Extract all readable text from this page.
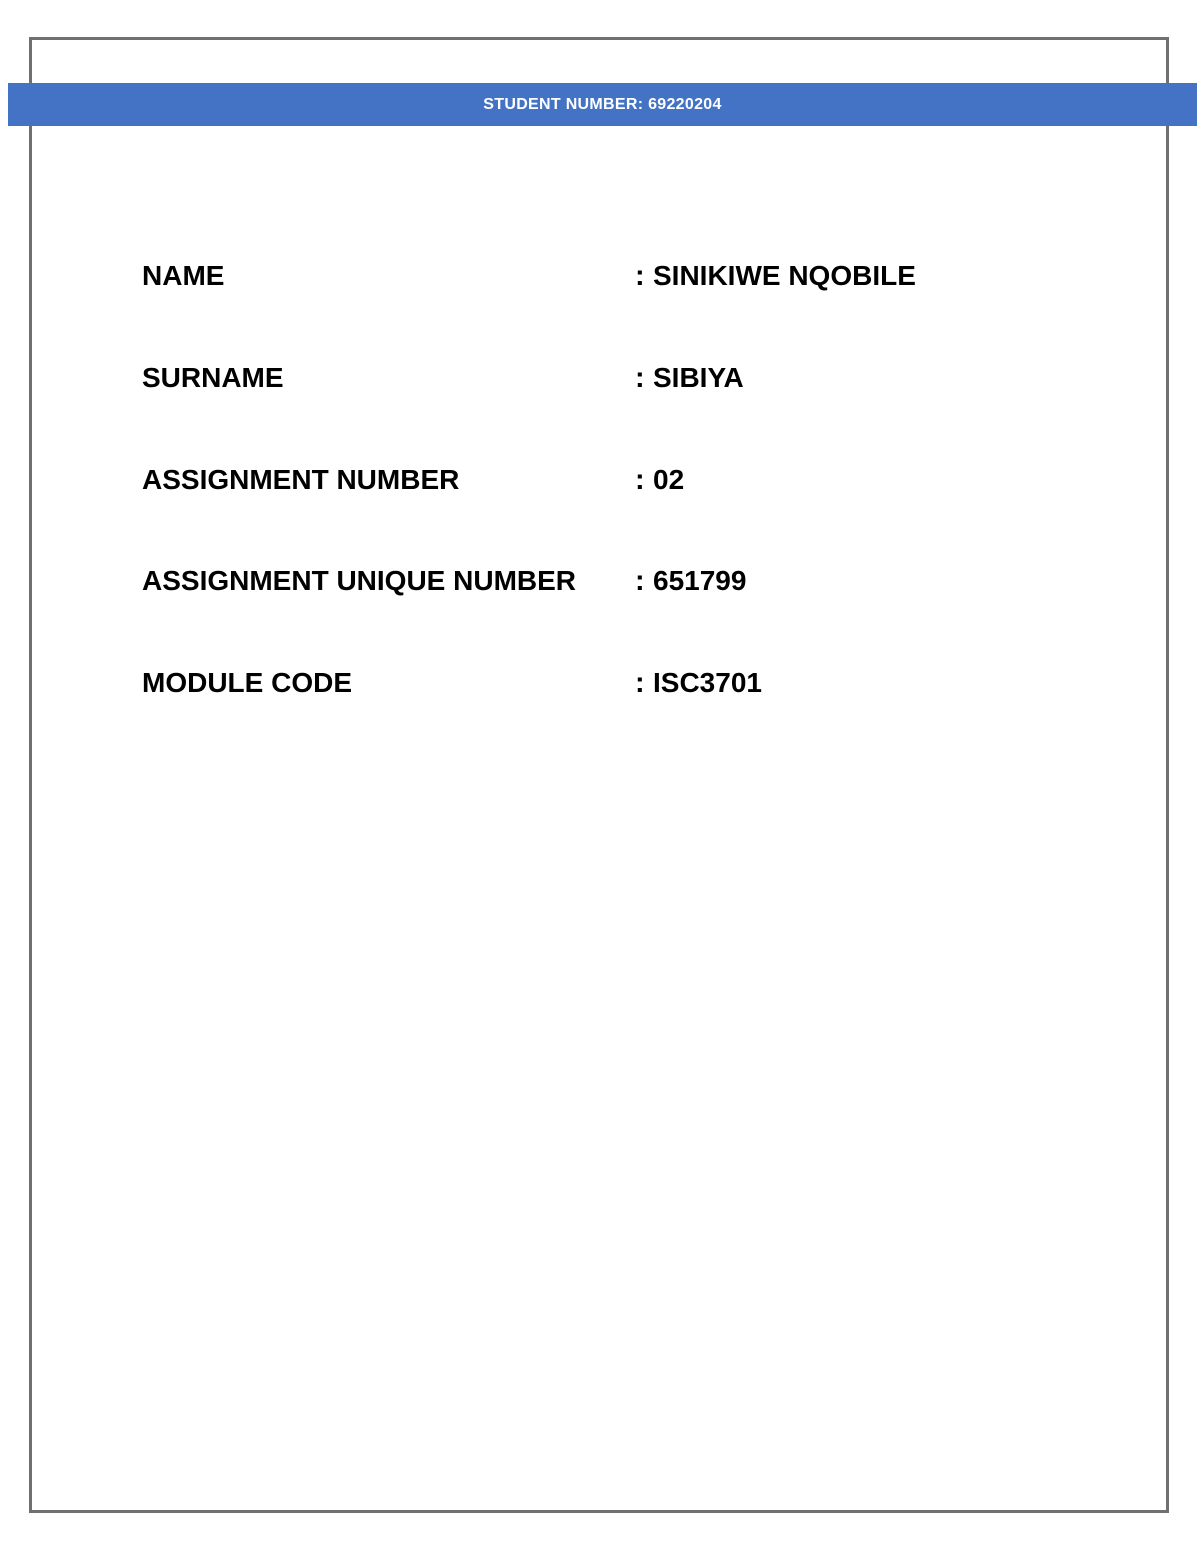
STUDENT NUMBER: 69220204
NAME	: SINIKIWE NQOBILE
SURNAME	: SIBIYA
ASSIGNMENT NUMBER	: 02
ASSIGNMENT UNIQUE NUMBER	: 651799
MODULE CODE	: ISC3701
